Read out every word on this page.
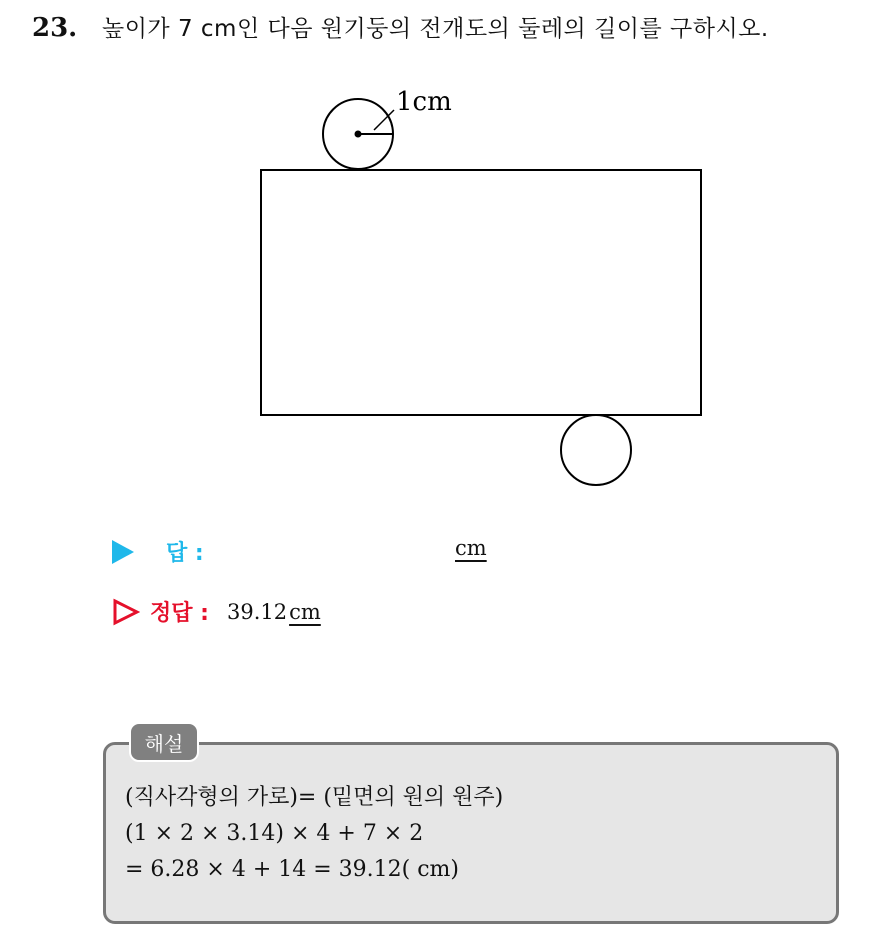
23.	높이가 7 cm인 다음 원기둥의 전개도의 둘레의 길이를 구하시오.
1cm
답 :	cm
정답 : 39.12 cm
해설
(직사각형의 가로)= (밑면의 원의 원주)
(1 × 2 × 3.14) × 4 + 7 × 2
= 6.28 × 4 + 14 = 39.12( cm)
